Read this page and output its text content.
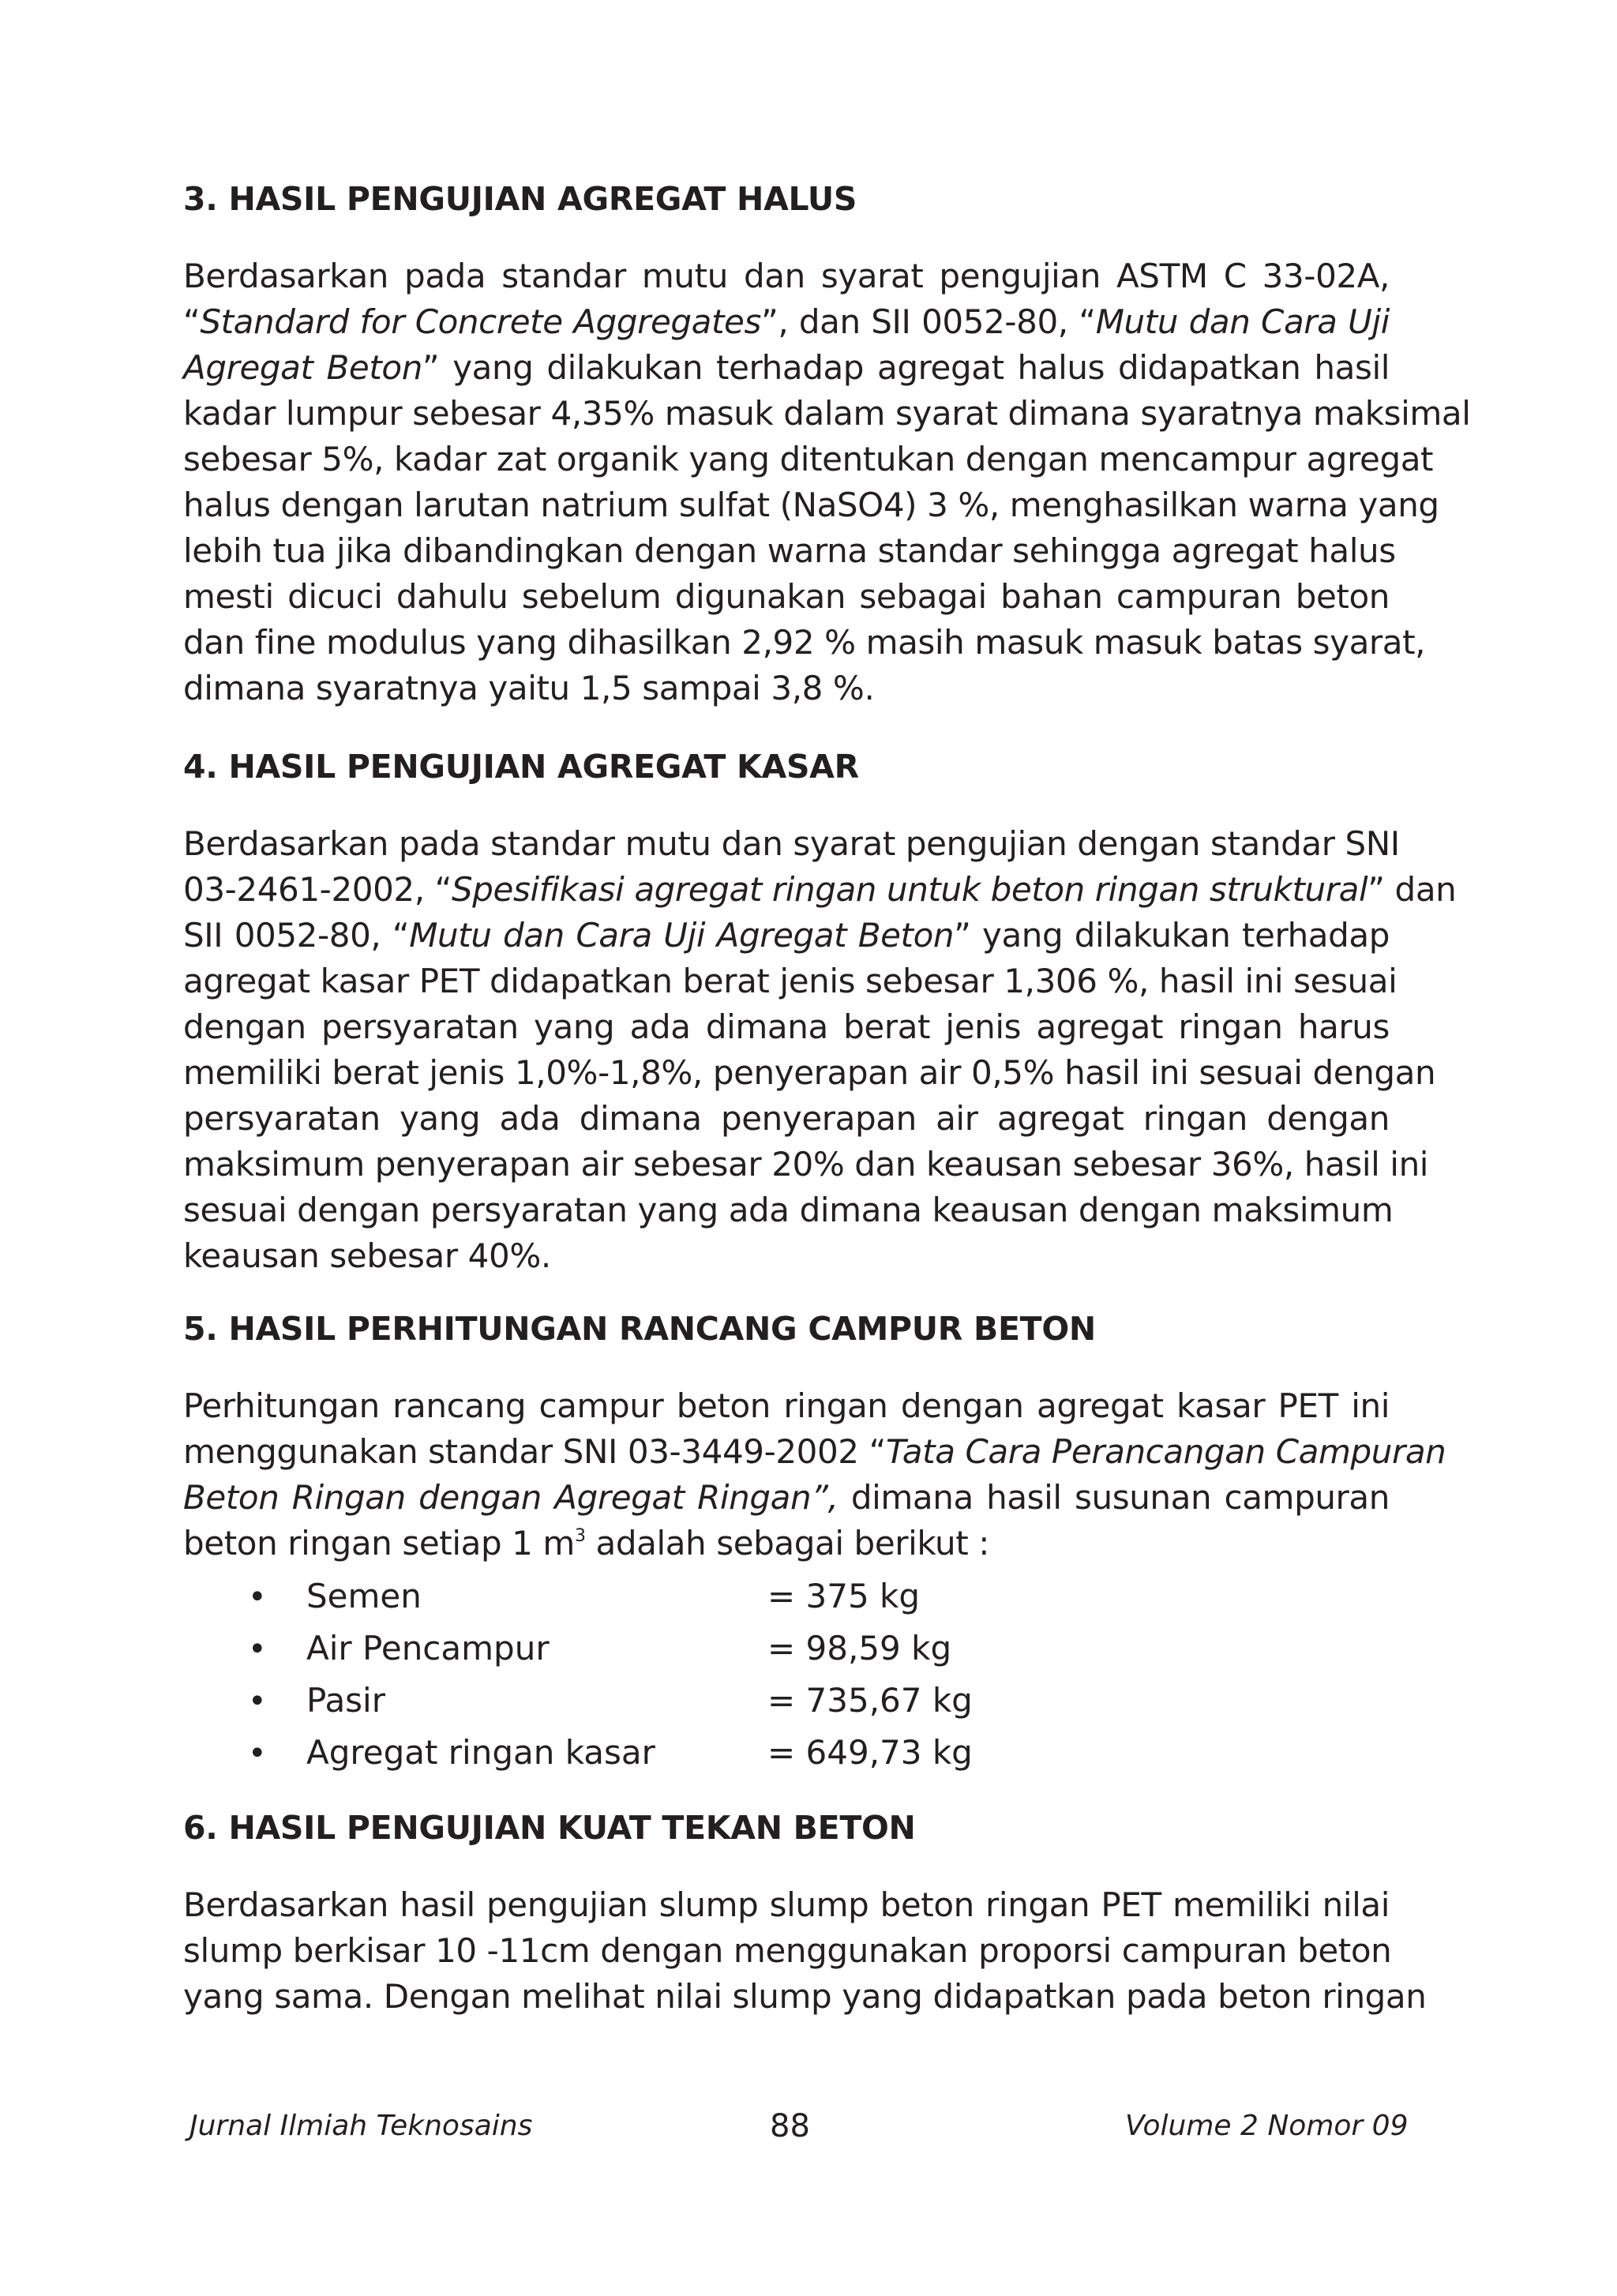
3. HASIL PENGUJIAN AGREGAT HALUS
Berdasarkan pada standar mutu dan syarat pengujian ASTM C 33-02A,
“Standard for Concrete Aggregates”, dan SII 0052-80, “Mutu dan Cara Uji
Agregat Beton” yang dilakukan terhadap agregat halus didapatkan hasil
kadar lumpur sebesar 4,35% masuk dalam syarat dimana syaratnya maksimal
sebesar 5%, kadar zat organik yang ditentukan dengan mencampur agregat
halus dengan larutan natrium sulfat (NaSO4) 3 %, menghasilkan warna yang
lebih tua jika dibandingkan dengan warna standar sehingga agregat halus
mesti dicuci dahulu sebelum digunakan sebagai bahan campuran beton
dan fine modulus yang dihasilkan 2,92 % masih masuk masuk batas syarat,
dimana syaratnya yaitu 1,5 sampai 3,8 %.
4. HASIL PENGUJIAN AGREGAT KASAR
Berdasarkan pada standar mutu dan syarat pengujian dengan standar SNI
03-2461-2002, “Spesifikasi agregat ringan untuk beton ringan struktural” dan
SII 0052-80, “Mutu dan Cara Uji Agregat Beton” yang dilakukan terhadap
agregat kasar PET didapatkan berat jenis sebesar 1,306 %, hasil ini sesuai
dengan persyaratan yang ada dimana berat jenis agregat ringan harus
memiliki berat jenis 1,0%-1,8%, penyerapan air 0,5% hasil ini sesuai dengan
persyaratan yang ada dimana penyerapan air agregat ringan dengan
maksimum penyerapan air sebesar 20% dan keausan sebesar 36%, hasil ini
sesuai dengan persyaratan yang ada dimana keausan dengan maksimum
keausan sebesar 40%.
5. HASIL PERHITUNGAN RANCANG CAMPUR BETON
Perhitungan rancang campur beton ringan dengan agregat kasar PET ini
menggunakan standar SNI 03-3449-2002 “Tata Cara Perancangan Campuran
Beton Ringan dengan Agregat Ringan”, dimana hasil susunan campuran
beton ringan setiap 1 $m^3$ adalah sebagai berikut :
• Semen	= 375 kg
• Air Pencampur	= 98,59 kg
• Pasir	= 735,67 kg
• Agregat ringan kasar	= 649,73 kg
6. HASIL PENGUJIAN KUAT TEKAN BETON
Berdasarkan hasil pengujian slump slump beton ringan PET memiliki nilai
slump berkisar 10 -11cm dengan menggunakan proporsi campuran beton
yang sama. Dengan melihat nilai slump yang didapatkan pada beton ringan
Jurnal Ilmiah Teknosains	88	Volume 2 Nomor 09
